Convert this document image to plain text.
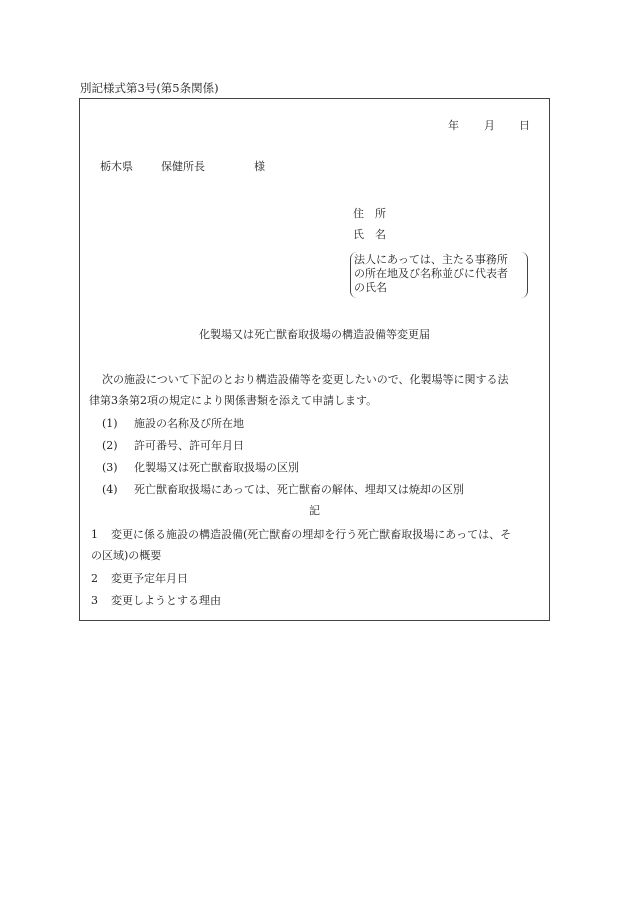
別記様式第3号(第5条関係)
年 月 日
栃木県	保健所長	様
住　所
氏　名
法人にあっては、主たる事務所
の所在地及び名称並びに代表者
の氏名
化製場又は死亡獣畜取扱場の構造設備等変更届
次の施設について下記のとおり構造設備等を変更したいので、化製場等に関する法
律第3条第2項の規定により関係書類を添えて申請します。
(1) 施設の名称及び所在地
(2) 許可番号、許可年月日
(3) 化製場又は死亡獣畜取扱場の区別
(4) 死亡獣畜取扱場にあっては、死亡獣畜の解体、埋却又は焼却の区別
記
1 変更に係る施設の構造設備(死亡獣畜の埋却を行う死亡獣畜取扱場にあっては、そ
の区域)の概要
2 変更予定年月日
3 変更しようとする理由
